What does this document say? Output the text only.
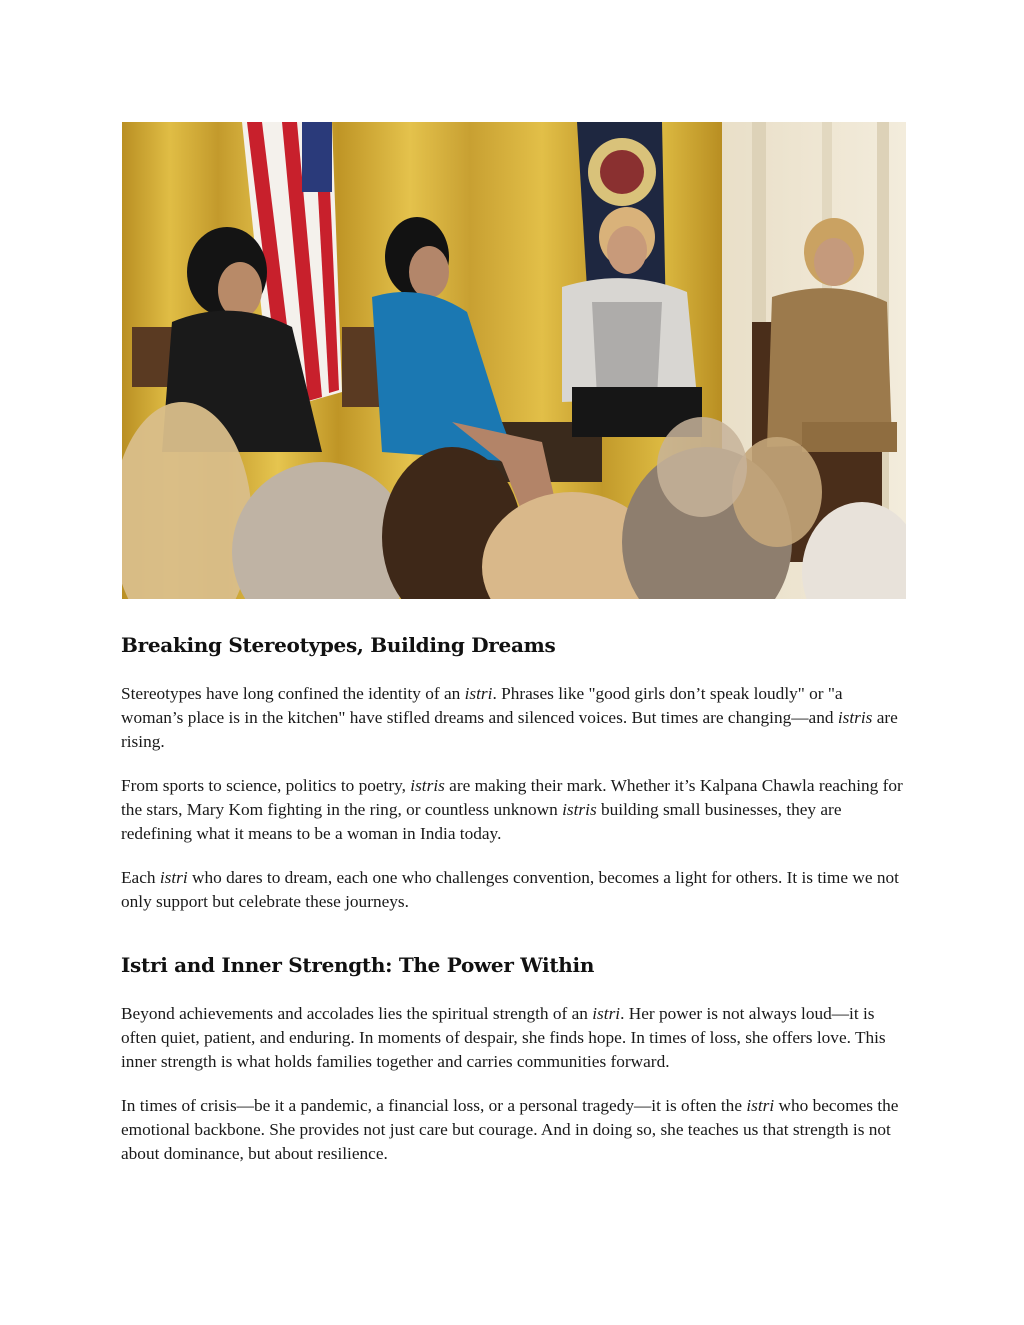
Breaking Stereotypes, Building Dreams

Stereotypes have long confined the identity of an istri. Phrases like "good girls don’t speak loudly" or "a woman’s place is in the kitchen" have stifled dreams and silenced voices. But times are changing—and istris are rising.

From sports to science, politics to poetry, istris are making their mark. Whether it’s Kalpana Chawla reaching for the stars, Mary Kom fighting in the ring, or countless unknown istris building small businesses, they are redefining what it means to be a woman in India today.

Each istri who dares to dream, each one who challenges convention, becomes a light for others. It is time we not only support but celebrate these journeys.

Istri and Inner Strength: The Power Within

Beyond achievements and accolades lies the spiritual strength of an istri. Her power is not always loud—it is often quiet, patient, and enduring. In moments of despair, she finds hope. In times of loss, she offers love. This inner strength is what holds families together and carries communities forward.

In times of crisis—be it a pandemic, a financial loss, or a personal tragedy—it is often the istri who becomes the emotional backbone. She provides not just care but courage. And in doing so, she teaches us that strength is not about dominance, but about resilience.
